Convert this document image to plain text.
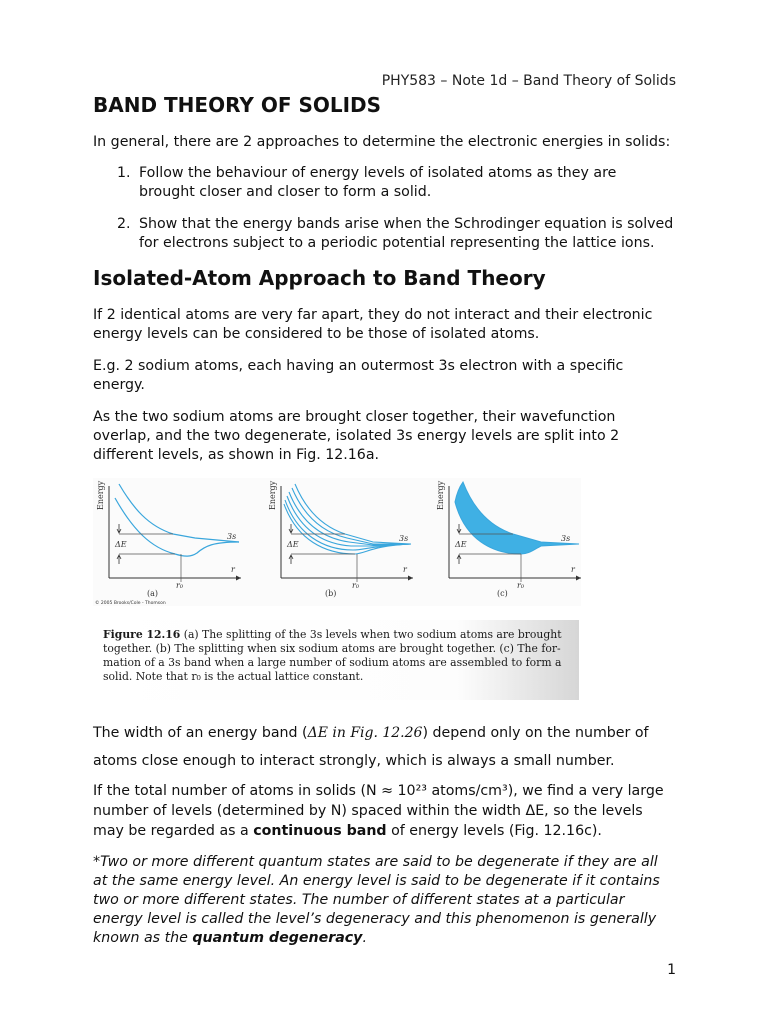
PHY583 – Note 1d – Band Theory of Solids
BAND THEORY OF SOLIDS

In general, there are 2 approaches to determine the electronic energies in solids:

1. Follow the behaviour of energy levels of isolated atoms as they are
brought closer and closer to form a solid.
2. Show that the energy bands arise when the Schrodinger equation is solved
for electrons subject to a periodic potential representing the lattice ions.
Isolated-Atom Approach to Band Theory

If 2 identical atoms are very far apart, they do not interact and their electronic
energy levels can be considered to be those of isolated atoms.

E.g. 2 sodium atoms, each having an outermost 3s electron with a specific
energy.

As the two sodium atoms are brought closer together, their wavefunction
overlap, and the two degenerate, isolated 3s energy levels are split into 2
different levels, as shown in Fig. 12.16a.

Energy
ΔE
3s
r
r₀
(a)
© 2005 Brooks/Cole - Thomson
Energy
ΔE
3s
r
r₀
(b)
Energy
ΔE
3s
r
r₀
(c)
Figure 12.16 (a) The splitting of the 3s levels when two sodium atoms are brought
together. (b) The splitting when six sodium atoms are brought together. (c) The for-
mation of a 3s band when a large number of sodium atoms are assembled to form a
solid. Note that r₀ is the actual lattice constant.

The width of an energy band (ΔE in Fig. 12.26) depend only on the number of
atoms close enough to interact strongly, which is always a small number.

If the total number of atoms in solids (N ≈ 10²³ atoms/cm³), we find a very large
number of levels (determined by N) spaced within the width ΔE, so the levels
may be regarded as a continuous band of energy levels (Fig. 12.16c).

*Two or more different quantum states are said to be degenerate if they are all
at the same energy level. An energy level is said to be degenerate if it contains
two or more different states. The number of different states at a particular
energy level is called the level’s degeneracy and this phenomenon is generally
known as the quantum degeneracy.

1
